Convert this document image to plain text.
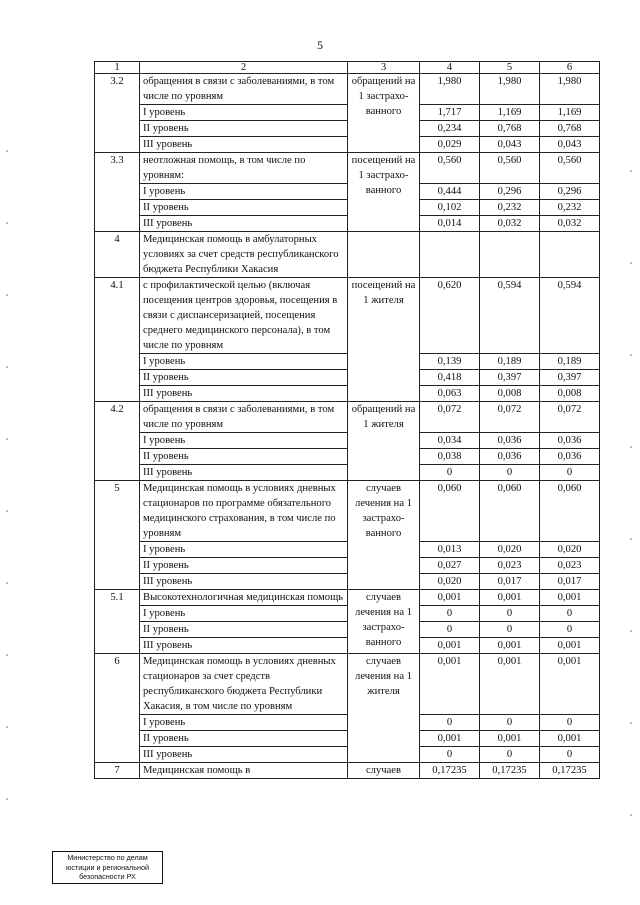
5
1	2	3	4	5	6
3.2	обращения в связи с заболеваниями, в том числе по уровням	обращений на 1 застрахо-ванного	1,980	1,980	1,980
	I уровень		1,717	1,169	1,169
	II уровень		0,234	0,768	0,768
	III уровень		0,029	0,043	0,043
3.3	неотложная помощь, в том числе по уровням:	посещений на 1 застрахо-ванного	0,560	0,560	0,560
	I уровень		0,444	0,296	0,296
	II уровень		0,102	0,232	0,232
	III уровень		0,014	0,032	0,032
4	Медицинская помощь в амбулаторных условиях за счет средств республиканского бюджета Республики Хакасия				
4.1	с профилактической целью (включая посещения центров здоровья, посещения в связи с диспансеризацией, посещения среднего медицинского персонала), в том числе по уровням	посещений на 1 жителя	0,620	0,594	0,594
	I уровень		0,139	0,189	0,189
	II уровень		0,418	0,397	0,397
	III уровень		0,063	0,008	0,008
4.2	обращения в связи с заболеваниями, в том числе по уровням	обращений на 1 жителя	0,072	0,072	0,072
	I уровень		0,034	0,036	0,036
	II уровень		0,038	0,036	0,036
	III уровень		0	0	0
5	Медицинская помощь в условиях дневных стационаров по программе обязательного медицинского страхования, в том числе по уровням	случаев лечения на 1 застрахо-ванного	0,060	0,060	0,060
	I уровень		0,013	0,020	0,020
	II уровень		0,027	0,023	0,023
	III уровень		0,020	0,017	0,017
5.1	Высокотехнологичная медицинская помощь	случаев лечения на 1 застрахо-ванного	0,001	0,001	0,001
	I уровень		0	0	0
	II уровень		0	0	0
	III уровень		0,001	0,001	0,001
6	Медицинская помощь в условиях дневных стационаров за счет средств республиканского бюджета Республики Хакасия, в том числе по уровням	случаев лечения на 1 жителя	0,001	0,001	0,001
	I уровень		0	0	0
	II уровень		0,001	0,001	0,001
	III уровень		0	0	0
7	Медицинская помощь в	случаев	0,17235	0,17235	0,17235
Министерство по делам
юстиции и региональной
безопасности РХ
